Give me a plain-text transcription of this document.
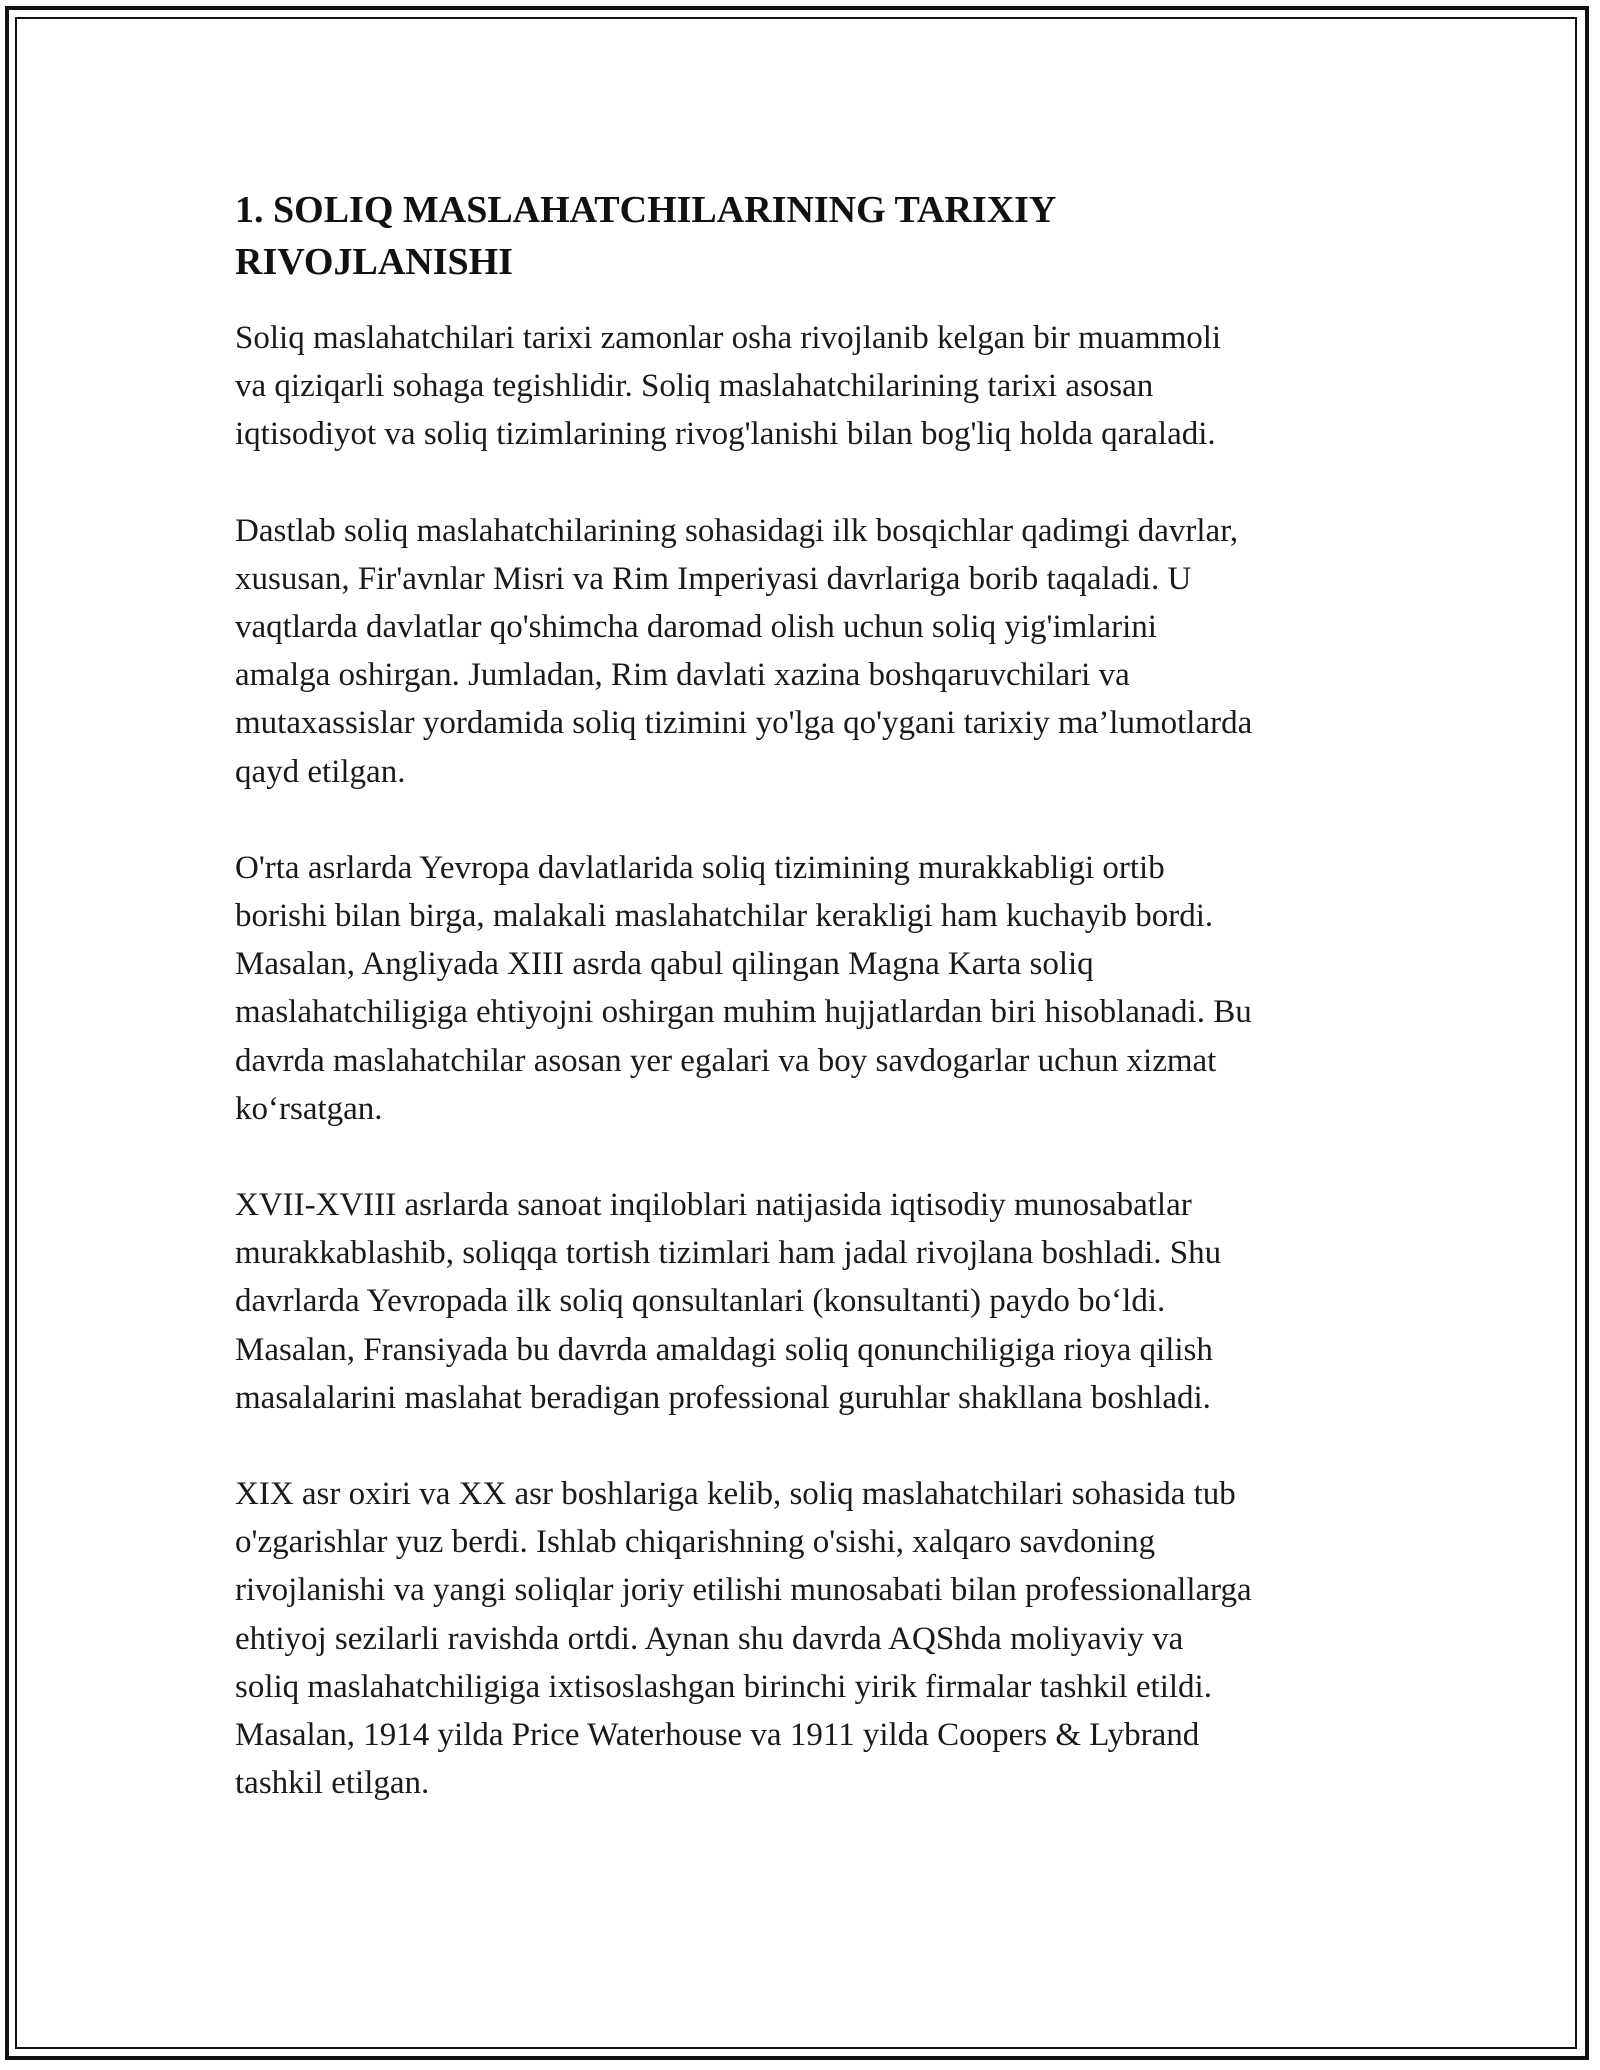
1. SOLIQ MASLAHATCHILARINING TARIXIY
RIVOJLANISHI

Soliq maslahatchilari tarixi zamonlar osha rivojlanib kelgan bir muammoli
va qiziqarli sohaga tegishlidir. Soliq maslahatchilarining tarixi asosan
iqtisodiyot va soliq tizimlarining rivog'lanishi bilan bog'liq holda qaraladi.

Dastlab soliq maslahatchilarining sohasidagi ilk bosqichlar qadimgi davrlar,
xususan, Fir'avnlar Misri va Rim Imperiyasi davrlariga borib taqaladi. U
vaqtlarda davlatlar qo'shimcha daromad olish uchun soliq yig'imlarini
amalga oshirgan. Jumladan, Rim davlati xazina boshqaruvchilari va
mutaxassislar yordamida soliq tizimini yo'lga qo'ygani tarixiy ma’lumotlarda
qayd etilgan.

O'rta asrlarda Yevropa davlatlarida soliq tizimining murakkabligi ortib
borishi bilan birga, malakali maslahatchilar kerakligi ham kuchayib bordi.
Masalan, Angliyada XIII asrda qabul qilingan Magna Karta soliq
maslahatchiligiga ehtiyojni oshirgan muhim hujjatlardan biri hisoblanadi. Bu
davrda maslahatchilar asosan yer egalari va boy savdogarlar uchun xizmat
ko‘rsatgan.

XVII-XVIII asrlarda sanoat inqiloblari natijasida iqtisodiy munosabatlar
murakkablashib, soliqqa tortish tizimlari ham jadal rivojlana boshladi. Shu
davrlarda Yevropada ilk soliq qonsultanlari (konsultanti) paydo bo‘ldi.
Masalan, Fransiyada bu davrda amaldagi soliq qonunchiligiga rioya qilish
masalalarini maslahat beradigan professional guruhlar shakllana boshladi.

XIX asr oxiri va XX asr boshlariga kelib, soliq maslahatchilari sohasida tub
o'zgarishlar yuz berdi. Ishlab chiqarishning o'sishi, xalqaro savdoning
rivojlanishi va yangi soliqlar joriy etilishi munosabati bilan professionallarga
ehtiyoj sezilarli ravishda ortdi. Aynan shu davrda AQShda moliyaviy va
soliq maslahatchiligiga ixtisoslashgan birinchi yirik firmalar tashkil etildi.
Masalan, 1914 yilda Price Waterhouse va 1911 yilda Coopers & Lybrand
tashkil etilgan.
